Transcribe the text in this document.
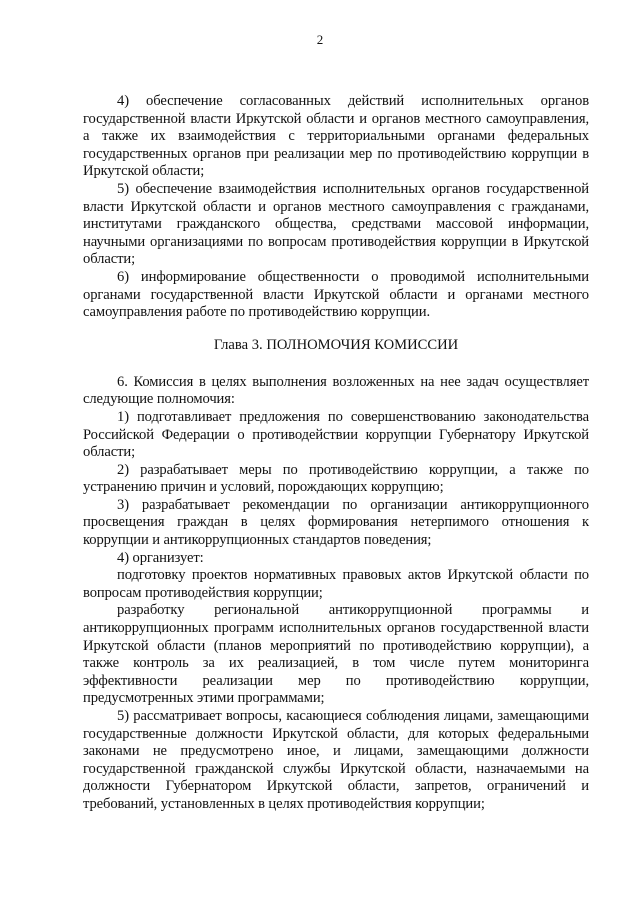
2

4) обеспечение согласованных действий исполнительных органов государственной власти Иркутской области и органов местного самоуправления, а также их взаимодействия с территориальными органами федеральных государственных органов при реализации мер по противодействию коррупции в Иркутской области;

5) обеспечение взаимодействия исполнительных органов государственной власти Иркутской области и органов местного самоуправления с гражданами, институтами гражданского общества, средствами массовой информации, научными организациями по вопросам противодействия коррупции в Иркутской области;

6) информирование общественности о проводимой исполнительными органами государственной власти Иркутской области и органами местного самоуправления работе по противодействию коррупции.

Глава 3. ПОЛНОМОЧИЯ КОМИССИИ

6. Комиссия в целях выполнения возложенных на нее задач осуществляет следующие полномочия:

1) подготавливает предложения по совершенствованию законодательства Российской Федерации о противодействии коррупции Губернатору Иркутской области;

2) разрабатывает меры по противодействию коррупции, а также по устранению причин и условий, порождающих коррупцию;

3) разрабатывает рекомендации по организации антикоррупционного просвещения граждан в целях формирования нетерпимого отношения к коррупции и антикоррупционных стандартов поведения;

4) организует:

подготовку проектов нормативных правовых актов Иркутской области по вопросам противодействия коррупции;

разработку региональной антикоррупционной программы и антикоррупционных программ исполнительных органов государственной власти Иркутской области (планов мероприятий по противодействию коррупции), а также контроль за их реализацией, в том числе путем мониторинга эффективности реализации мер по противодействию коррупции, предусмотренных этими программами;

5) рассматривает вопросы, касающиеся соблюдения лицами, замещающими государственные должности Иркутской области, для которых федеральными законами не предусмотрено иное, и лицами, замещающими должности государственной гражданской службы Иркутской области, назначаемыми на должности Губернатором Иркутской области, запретов, ограничений и требований, установленных в целях противодействия коррупции;
